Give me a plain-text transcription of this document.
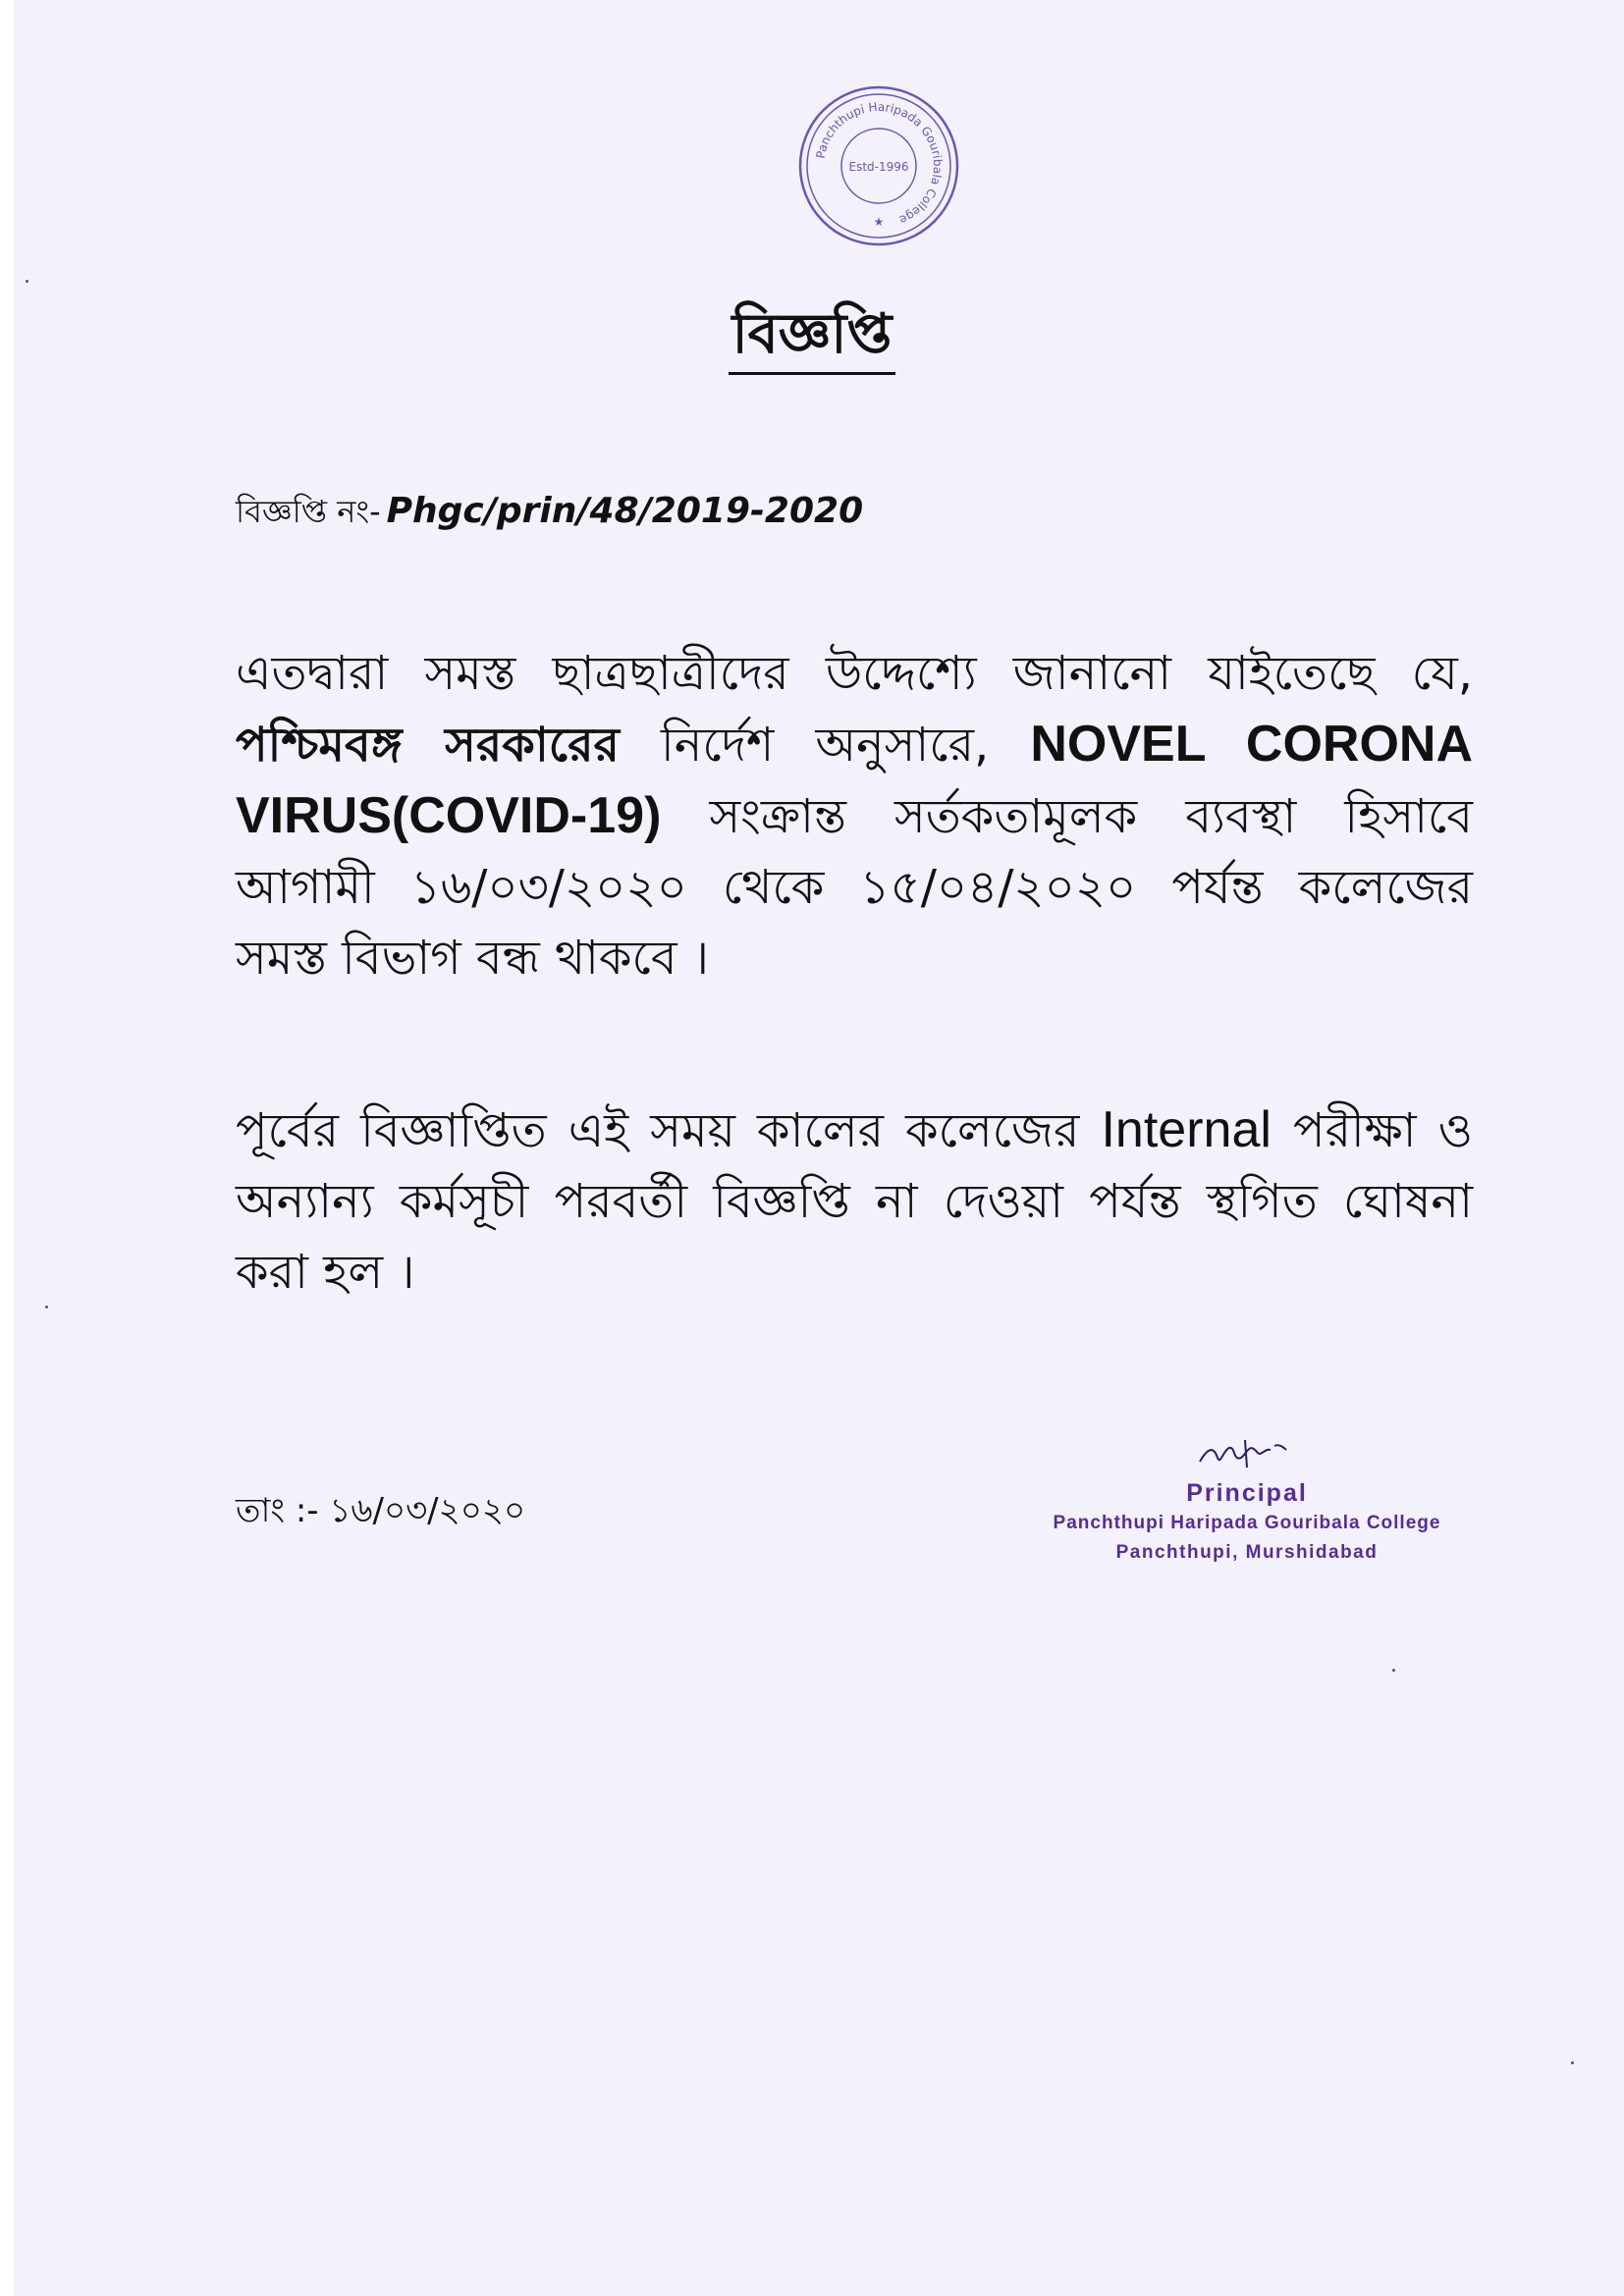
Panchthupi Haripada Gouribala College
Estd-1996
★
বিজ্ঞপ্তি
বিজ্ঞপ্তি নং- Phgc/prin/48/2019-2020
এতদ্বারা সমস্ত ছাত্রছাত্রীদের উদ্দেশ্যে জানানো যাইতেছে যে, পশ্চিমবঙ্গ সরকারের নির্দেশ অনুসারে, NOVEL CORONA VIRUS(COVID-19) সংক্রান্ত সর্তকতামূলক ব্যবস্থা হিসাবে আগামী ১৬/০৩/২০২০ থেকে ১৫/০৪/২০২০ পর্যন্ত কলেজের সমস্ত বিভাগ বন্ধ থাকবে ।
পূর্বের বিজ্ঞাপ্তিত এই সময় কালের কলেজের Internal পরীক্ষা ও অন্যান্য কর্মসূচী পরবর্তী বিজ্ঞপ্তি না দেওয়া পর্যন্ত স্থগিত ঘোষনা করা হল ।
তাং :- ১৬/০৩/২০২০	Principal
Panchthupi Haripada Gouribala College
Panchthupi, Murshidabad
